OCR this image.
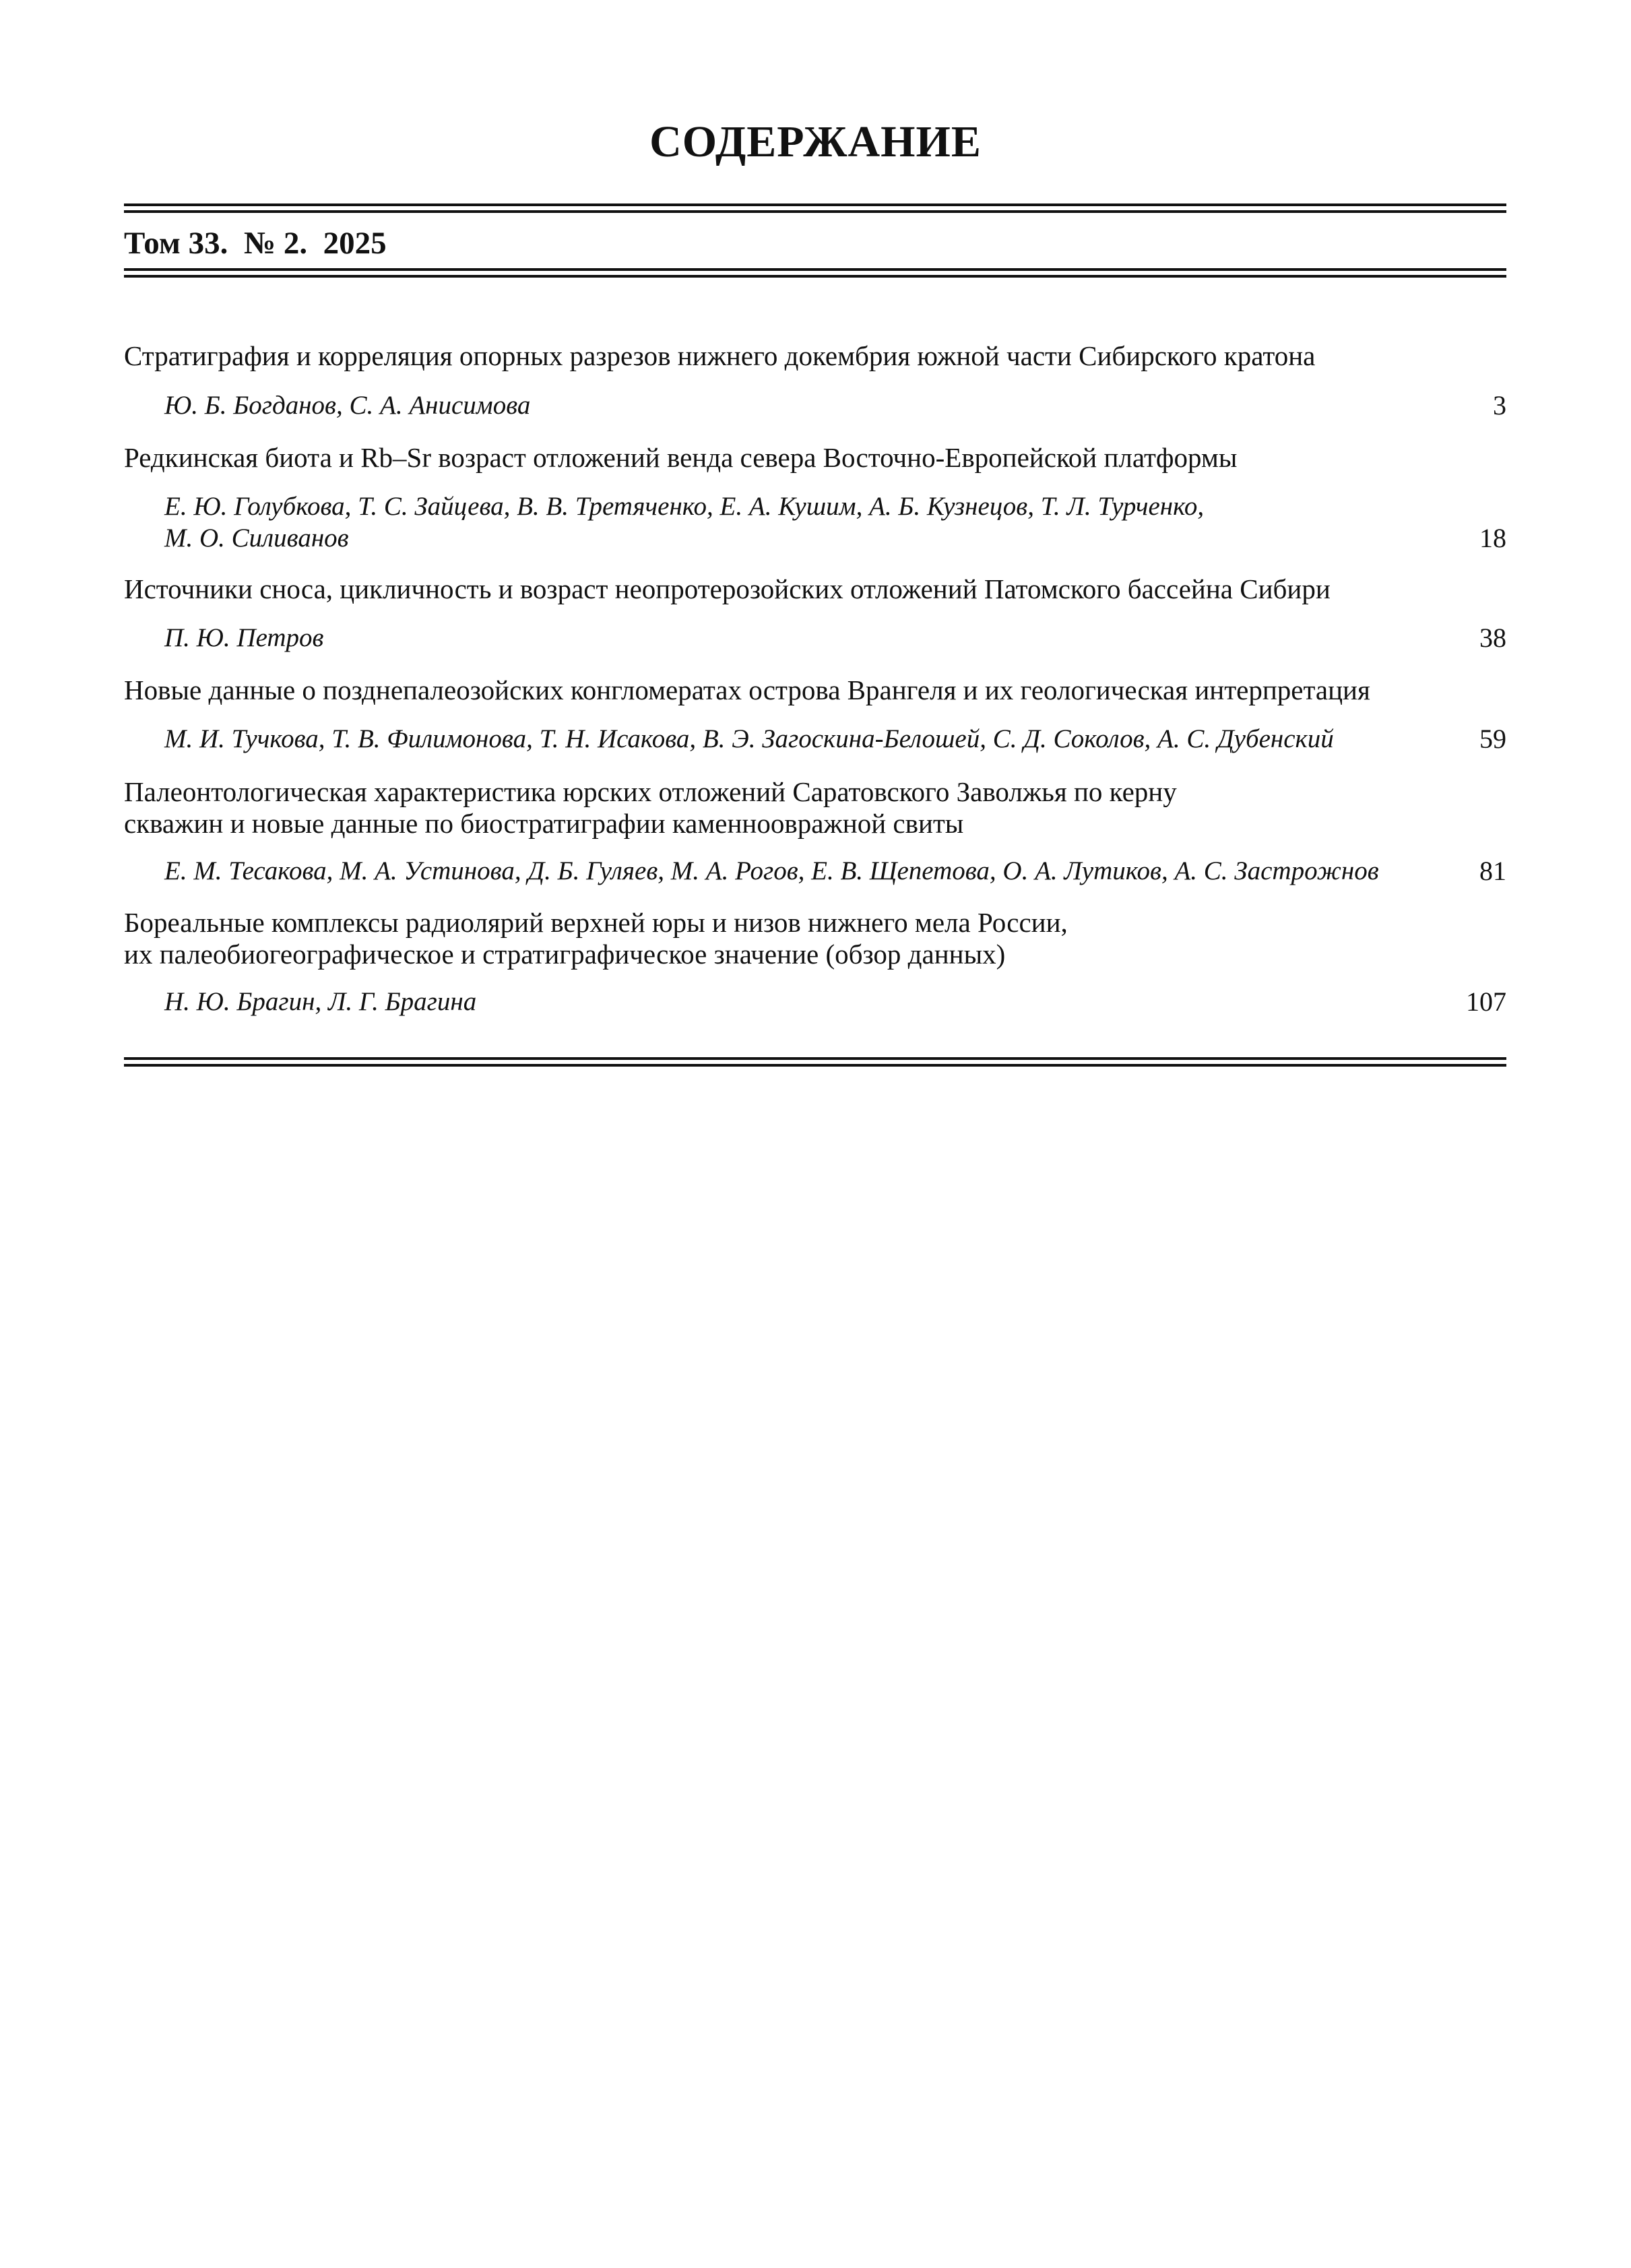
СОДЕРЖАНИЕ
Том 33.  № 2.  2025
Стратиграфия и корреляция опорных разрезов нижнего докембрия южной части Сибирского кратона
Ю. Б. Богданов, С. А. Анисимова	3
Редкинская биота и Rb–Sr возраст отложений венда севера Восточно-Европейской платформы
Е. Ю. Голубкова, Т. С. Зайцева, В. В. Третяченко, Е. А. Кушим, А. Б. Кузнецов, Т. Л. Турченко,
М. О. Силиванов	18
Источники сноса, цикличность и возраст неопротерозойских отложений Патомского бассейна Сибири
П. Ю. Петров	38
Новые данные о позднепалеозойских конгломератах острова Врангеля и их геологическая интерпретация
М. И. Тучкова, Т. В. Филимонова, Т. Н. Исакова, В. Э. Загоскина-Белошей, С. Д. Соколов, А. С. Дубенский	59
Палеонтологическая характеристика юрских отложений Саратовского Заволжья по керну
скважин и новые данные по биостратиграфии каменноовражной свиты
Е. М. Тесакова, М. А. Устинова, Д. Б. Гуляев, М. А. Рогов, Е. В. Щепетова, О. А. Лутиков, А. С. Застрожнов	81
Бореальные комплексы радиолярий верхней юры и низов нижнего мела России,
их палеобиогеографическое и стратиграфическое значение (обзор данных)
Н. Ю. Брагин, Л. Г. Брагина	107
